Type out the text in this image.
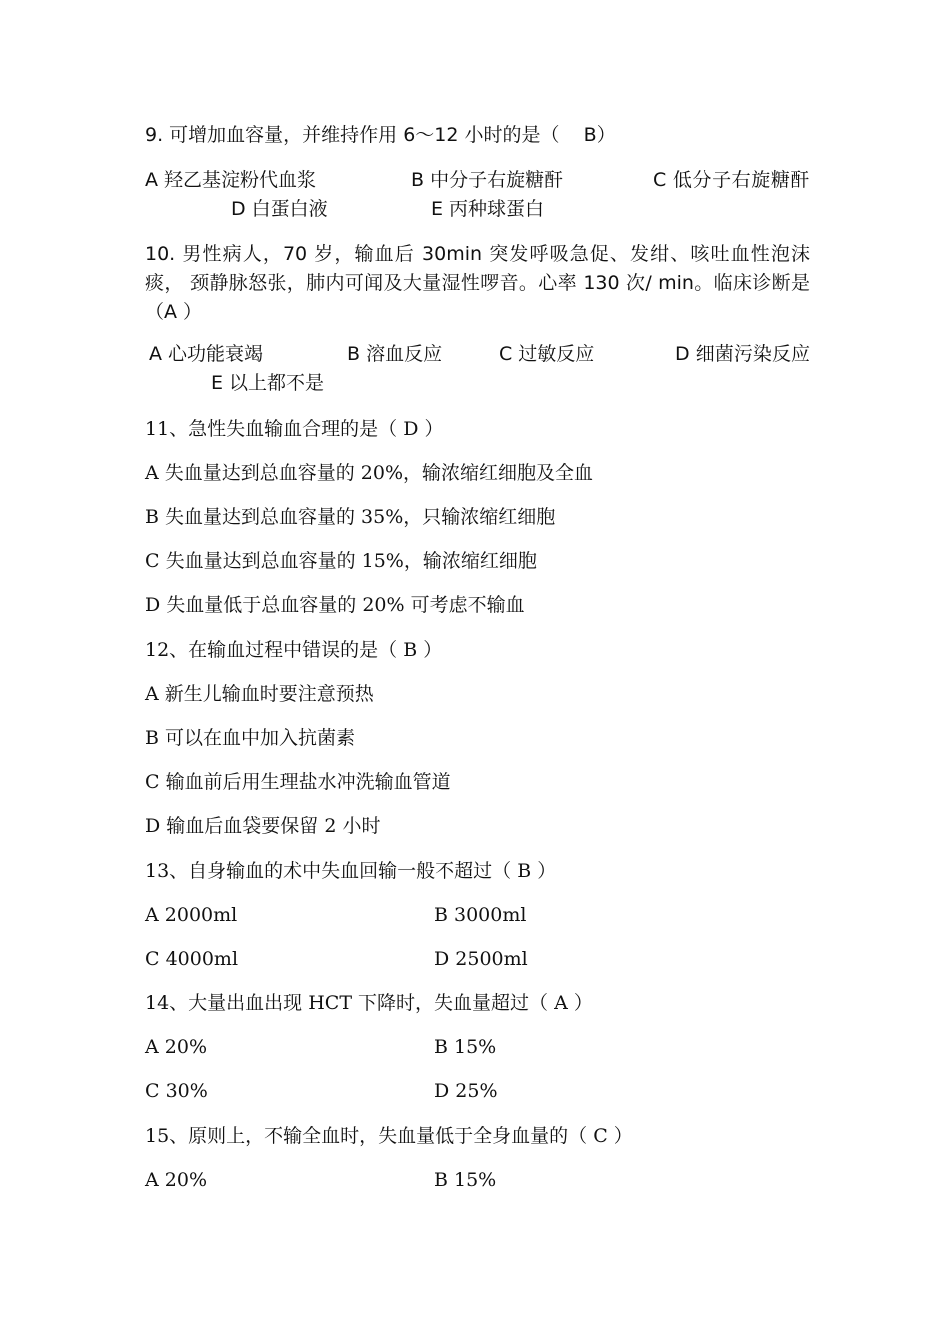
9. 可增加血容量，并维持作用 6～12 小时的是（    B）
A 羟乙基淀粉代血浆	B 中分子右旋糖酐	C 低分子右旋糖酐D 白蛋白液	E 丙种球蛋白
10. 男性病人，70 岁，输血后 30min 突发呼吸急促、发绀、咳吐血性泡沫痰， 颈静脉怒张，肺内可闻及大量湿性啰音。心率 130 次/ min。临床诊断是（A ）
A 心功能衰竭	B 溶血反应	C 过敏反应	D 细菌污染反应E 以上都不是
11、急性失血输血合理的是（ D ）
A 失血量达到总血容量的 20%，输浓缩红细胞及全血
B 失血量达到总血容量的 35%，只输浓缩红细胞
C 失血量达到总血容量的 15%，输浓缩红细胞
D 失血量低于总血容量的 20% 可考虑不输血
12、在输血过程中错误的是（ B ）
A 新生儿输血时要注意预热
B 可以在血中加入抗菌素
C 输血前后用生理盐水冲洗输血管道
D 输血后血袋要保留 2 小时
13、自身输血的术中失血回输一般不超过（ B ）
A 2000ml	B 3000ml
C 4000ml	D 2500ml
14、大量出血出现 HCT 下降时，失血量超过（ A ）
A 20%	B 15%
C 30%	D 25%
15、原则上，不输全血时，失血量低于全身血量的（ C ）
A 20%	B 15%
